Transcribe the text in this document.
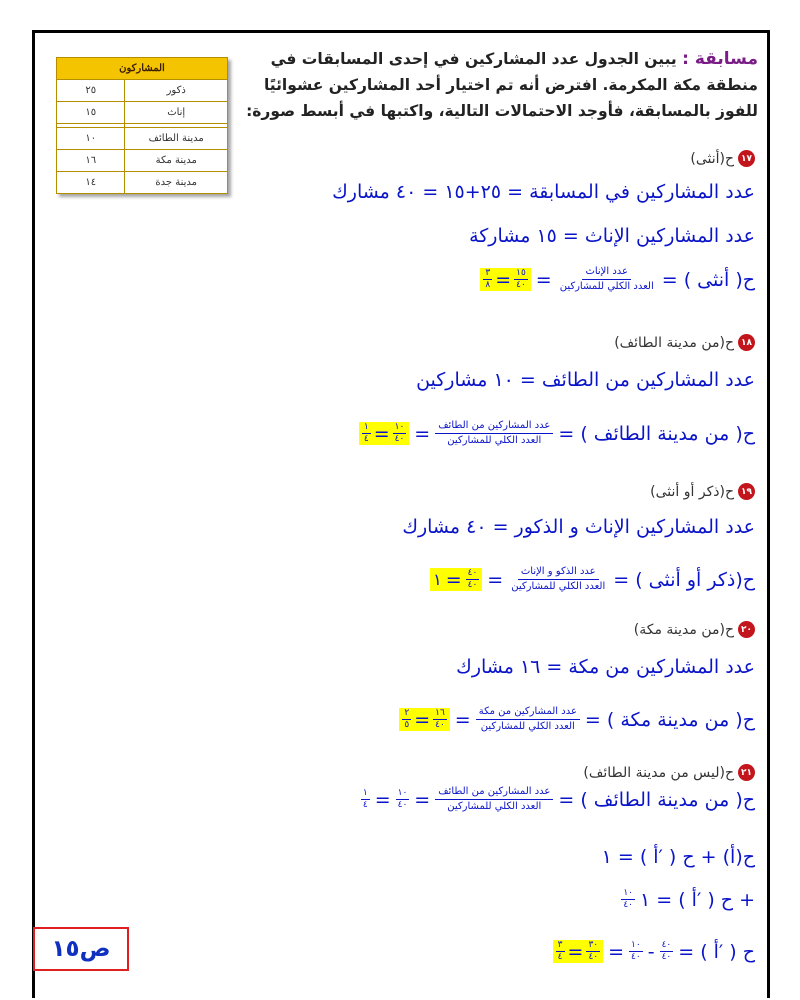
مسابقة : يبين الجدول عدد المشاركين في إحدى المسابقات في منطقة مكة المكرمة. افترض أنه تم اختيار أحد المشاركين عشوائيًا للفوز بالمسابقة، فأوجد الاحتمالات التالية، واكتبها في أبسط صورة:
المشاركون	
ذكور	٢٥
إناث	١٥

مدينة الطائف	١٠
مدينة مكة	١٦
مدينة جدة	١٤
١٧
ح(أنثى)
عدد المشاركين في المسابقة = ٢٥+١٥ = ٤٠ مشارك
عدد المشاركين الإناث = ١٥ مشاركة
ح( أنثى ) =
$\frac{\text{عدد الإناث}}{\text{العدد الكلي للمشاركين}}$
=
$\frac{١٥}{٤٠}$
=
$\frac{٣}{٨}$
١٨
ح(من مدينة الطائف)
عدد المشاركين من الطائف = ١٠ مشاركين
ح( من مدينة الطائف ) =
$\frac{\text{عدد المشاركين من الطائف}}{\text{العدد الكلي للمشاركين}}$
=
$\frac{١٠}{٤٠}$
=
$\frac{١}{٤}$
١٩
ح(ذكر أو أنثى)
عدد المشاركين الإناث و الذكور = ٤٠ مشارك
ح(ذكر أو أنثى ) =
$\frac{\text{عدد الذكو و الإناث}}{\text{العدد الكلي للمشاركين}}$
=
$\frac{٤٠}{٤٠}$
=
١
٢٠
ح(من مدينة مكة)
عدد المشاركين من مكة = ١٦ مشارك
ح( من مدينة مكة ) =
$\frac{\text{عدد المشاركين من مكة}}{\text{العدد الكلي للمشاركين}}$
=
$\frac{١٦}{٤٠}$
=
$\frac{٢}{٥}$
٢١
ح(ليس من مدينة الطائف)
ح( من مدينة الطائف ) =
$\frac{\text{عدد المشاركين من الطائف}}{\text{العدد الكلي للمشاركين}}$
=
$\frac{١٠}{٤٠}$
=
$\frac{١}{٤}$
ح(أ) + ح ( ′أ ) = ١
+ ح ( ′أ ) = ١
$\frac{١٠}{٤٠}$
ح ( ′أ ) =
$\frac{٤٠}{٤٠}$
-
$\frac{١٠}{٤٠}$
=
$\frac{٣٠}{٤٠}$
=
$\frac{٣}{٤}$
ص١٥
